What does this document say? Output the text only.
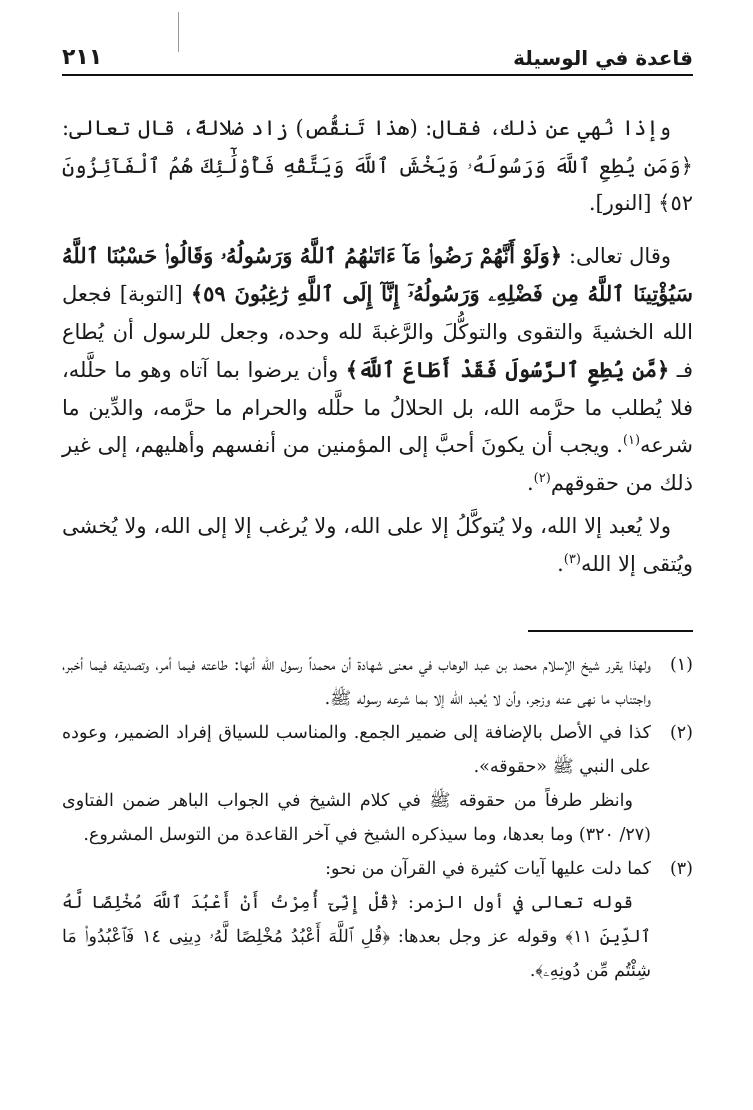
٢١١	قاعدة في الوسيلة

وإذا نُهي عن ذلك، فقال: (هذا تَنقُّص) زاد ضلالةً، قال تعالى: ﴿وَمَن يُطِعِ ٱللَّهَ وَرَسُولَهُۥ وَيَخْشَ ٱللَّهَ وَيَتَّقْهِ فَأُوْلَٰٓئِكَ هُمُ ٱلْفَآئِزُونَ ٥٢﴾ [النور].

وقال تعالى: ﴿وَلَوْ أَنَّهُمْ رَضُوا۟ مَآ ءَاتَىٰهُمُ ٱللَّهُ وَرَسُولُهُۥ وَقَالُوا۟ حَسْبُنَا ٱللَّهُ سَيُؤْتِينَا ٱللَّهُ مِن فَضْلِهِۦ وَرَسُولُهُۥٓ إِنَّآ إِلَى ٱللَّهِ رَٰغِبُونَ ٥٩﴾ [التوبة] فجعل الله الخشيةَ والتقوى والتوكُّلَ والرَّغبةَ لله وحده، وجعل للرسول أن يُطاع فـ ﴿مَّن يُطِعِ ٱلرَّسُولَ فَقَدْ أَطَاعَ ٱللَّهَ﴾ وأن يرضوا بما آتاه وهو ما حلَّله، فلا يُطلب ما حرَّمه الله، بل الحلالُ ما حلَّله والحرام ما حرَّمه، والدِّين ما شرعه$^{(١)}$. ويجب أن يكونَ أحبَّ إلى المؤمنين من أنفسهم وأهليهم، إلى غير ذلك من حقوقهم$^{(٢)}$.

ولا يُعبد إلا الله، ولا يُتوكَّلُ إلا على الله، ولا يُرغب إلا إلى الله، ولا يُخشى ويُتقى إلا الله$^{(٣)}$.

(١)

ولهذا يقرر شيخ الإسلام محمد بن عبد الوهاب في معنى شهادة أن محمداً رسول الله أنها: طاعته فيما أمر، وتصديقه فيما أخبر، واجتناب ما نهى عنه وزجر، وأن لا يُعبد الله إلا بما شرعه رسوله ﷺ.

(٢)

كذا في الأصل بالإضافة إلى ضمير الجمع. والمناسب للسياق إفراد الضمير، وعوده على النبي ﷺ «حقوقه».

وانظر طرفاً من حقوقه ﷺ في كلام الشيخ في الجواب الباهر ضمن الفتاوى (٢٧/ ٣٢٠) وما بعدها، وما سيذكره الشيخ في آخر القاعدة من التوسل المشروع.

(٣)

كما دلت عليها آيات كثيرة في القرآن من نحو:

قوله تعالى في أول الزمر: ﴿قُلْ إِنِّىٓ أُمِرْتُ أَنْ أَعْبُدَ ٱللَّهَ مُخْلِصًا لَّهُ ٱلدِّينَ ١١﴾ وقوله عز وجل بعدها: ﴿قُلِ ٱللَّهَ أَعْبُدُ مُخْلِصًا لَّهُۥ دِينِى ١٤ فَٱعْبُدُوا۟ مَا شِئْتُم مِّن دُونِهِۦ﴾.
